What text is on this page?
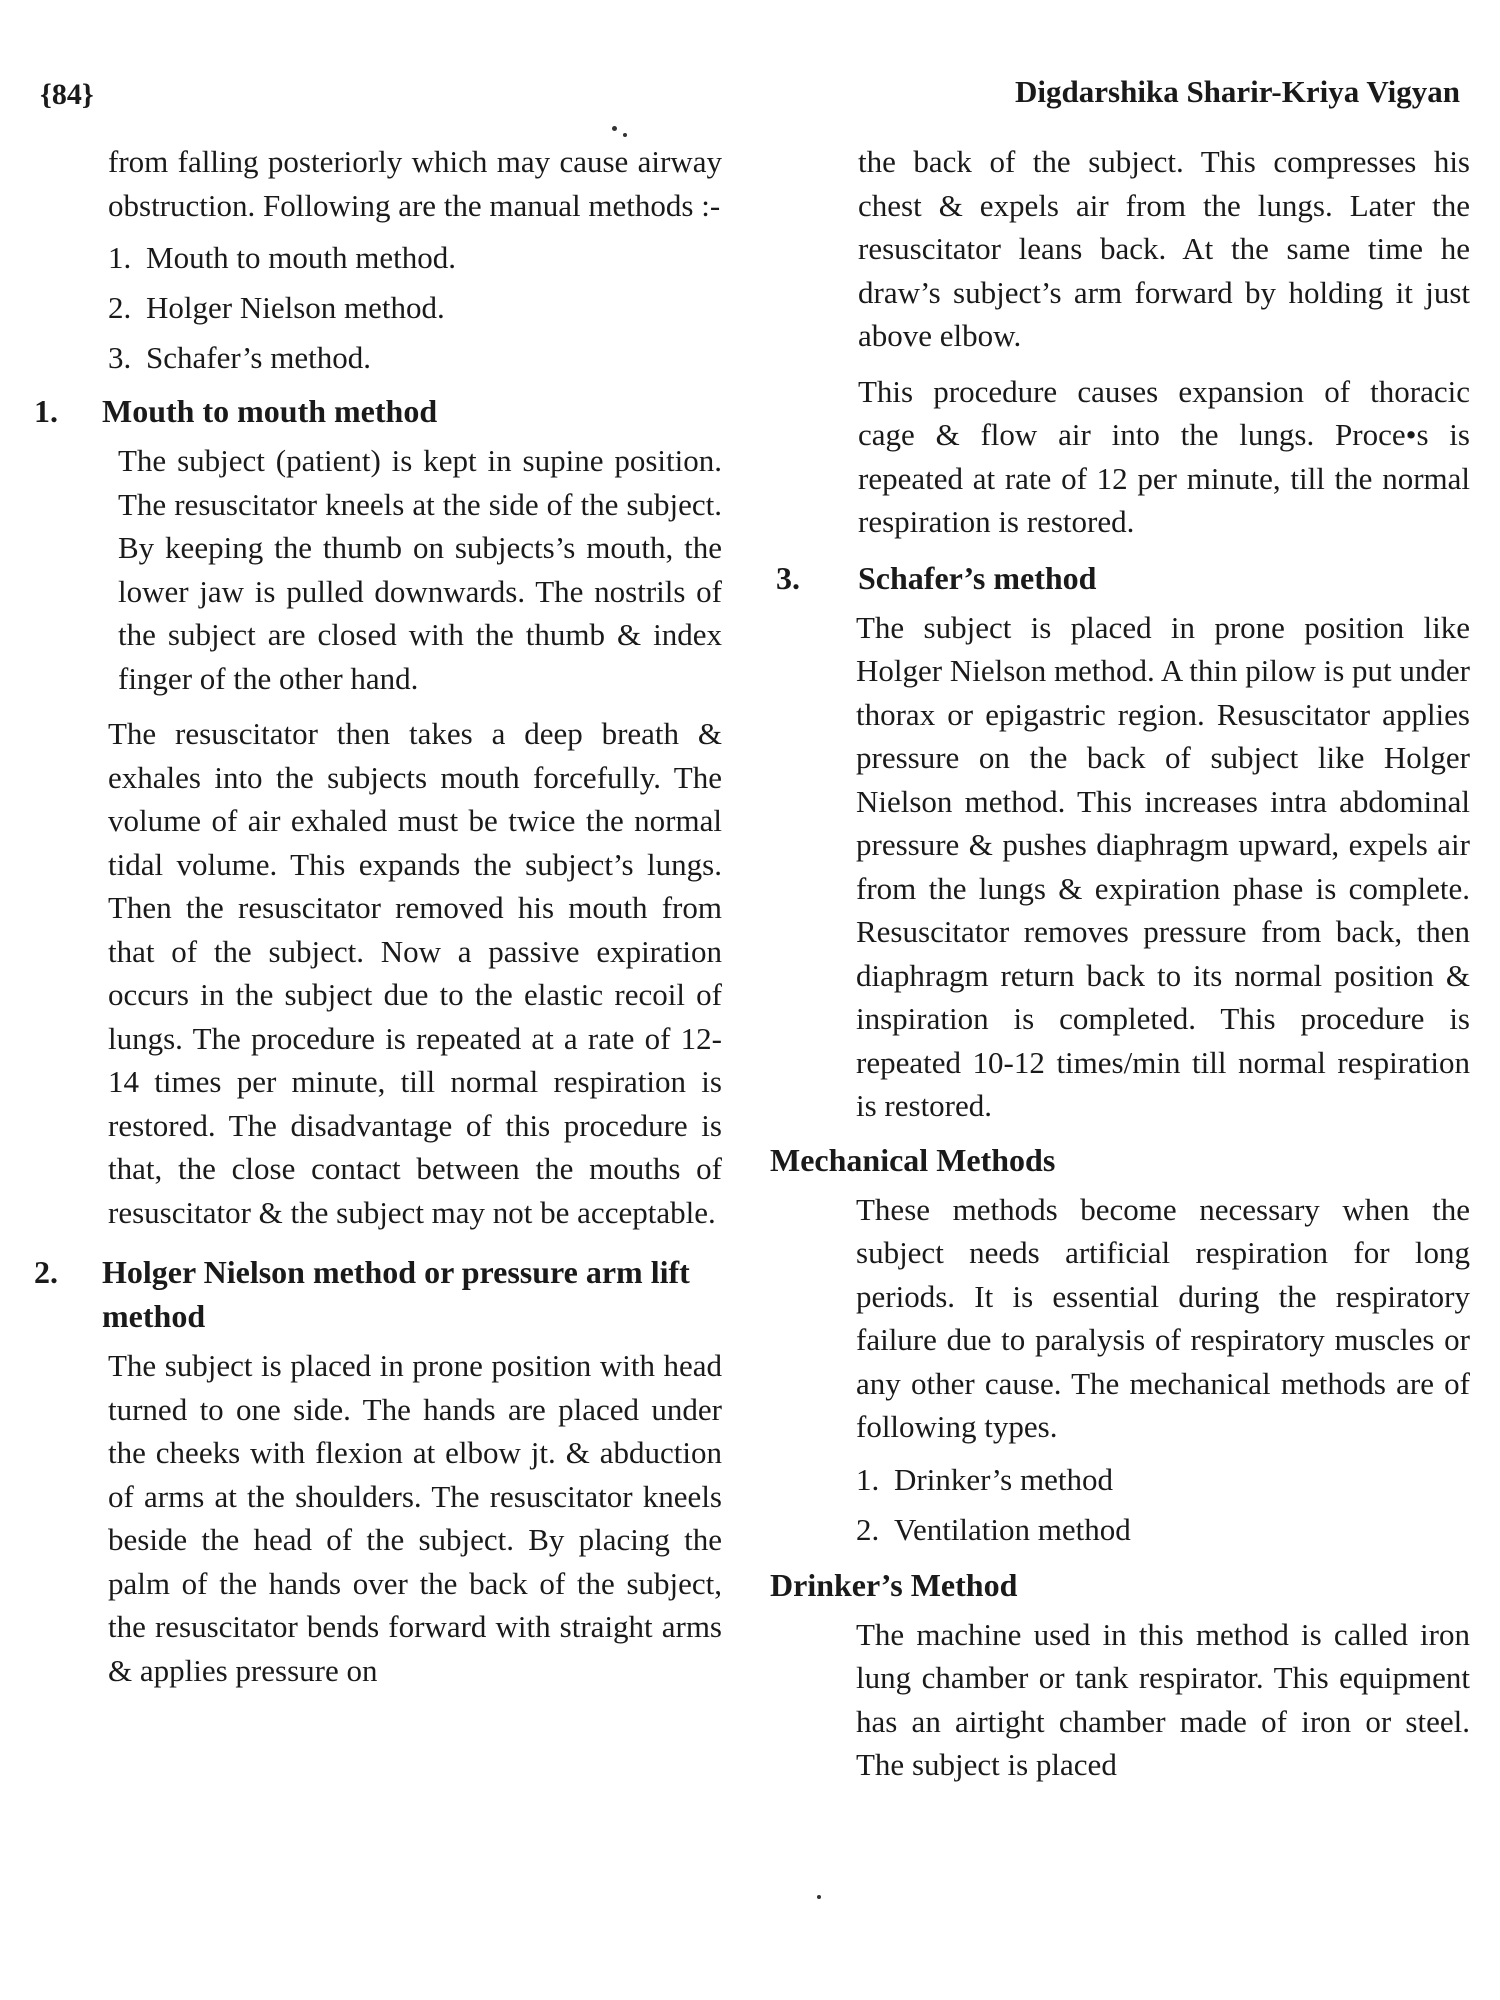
{84}	Digdarshika Sharir-Kriya Vigyan

from falling posteriorly which may cause airway obstruction. Following are the manual methods :-

1. Mouth to mouth method.
2. Holger Nielson method.
3. Schafer’s method.
1.	Mouth to mouth method

The subject (patient) is kept in supine position. The resuscitator kneels at the side of the subject. By keeping the thumb on subjects’s mouth, the lower jaw is pulled downwards. The nostrils of the subject are closed with the thumb & index finger of the other hand.

The resuscitator then takes a deep breath & exhales into the subjects mouth forcefully. The volume of air exhaled must be twice the normal tidal volume. This expands the subject’s lungs. Then the resuscitator removed his mouth from that of the subject. Now a passive expiration occurs in the subject due to the elastic recoil of lungs. The procedure is repeated at a rate of 12-14 times per minute, till normal respiration is restored. The disadvantage of this procedure is that, the close contact between the mouths of resuscitator & the subject may not be acceptable.

2.	Holger Nielson method or pressure arm lift method

The subject is placed in prone position with head turned to one side. The hands are placed under the cheeks with flexion at elbow jt. & abduction of arms at the shoulders. The resuscitator kneels beside the head of the subject. By placing the palm of the hands over the back of the subject, the resuscitator bends forward with straight arms & applies pressure on

the back of the subject. This compresses his chest & expels air from the lungs. Later the resuscitator leans back. At the same time he draw’s subject’s arm forward by holding it just above elbow.

This procedure causes expansion of thoracic cage & flow air into the lungs. Proce•s is repeated at rate of 12 per minute, till the normal respiration is restored.

3.	Schafer’s method

The subject is placed in prone position like Holger Nielson method. A thin pilow is put under thorax or epigastric region. Resuscitator applies pressure on the back of subject like Holger Nielson method. This increases intra abdominal pressure & pushes diaphragm upward, expels air from the lungs & expiration phase is complete. Resuscitator removes pressure from back, then diaphragm return back to its normal position & inspiration is completed. This procedure is repeated 10-12 times/min till normal respiration is restored.

Mechanical Methods

These methods become necessary when the subject needs artificial respiration for long periods. It is essential during the respiratory failure due to paralysis of respiratory muscles or any other cause. The mechanical methods are of following types.

1. Drinker’s method
2. Ventilation method
Drinker’s Method

The machine used in this method is called iron lung chamber or tank respirator. This equipment has an airtight chamber made of iron or steel. The subject is placed
